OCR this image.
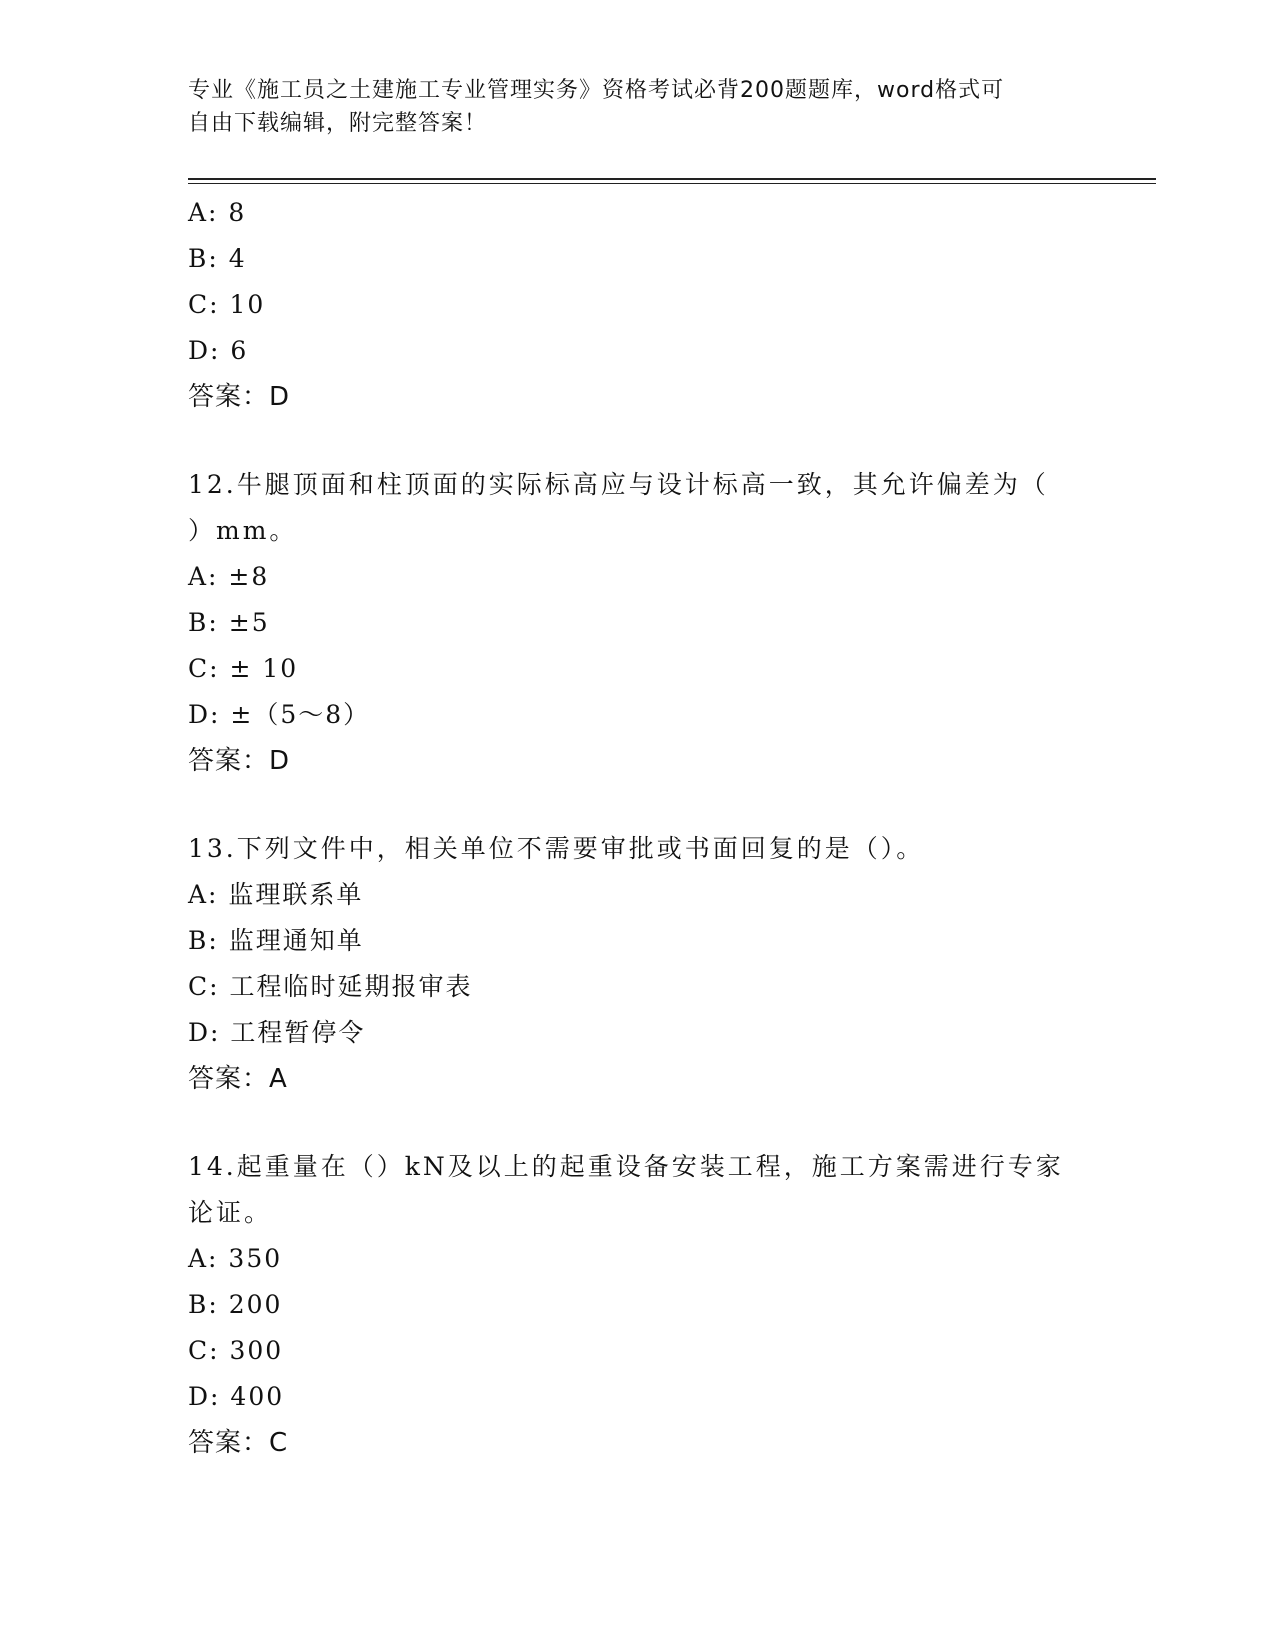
专业《施工员之土建施工专业管理实务》资格考试必背200题题库，word格式可
自由下载编辑，附完整答案！
A: 8
B: 4
C: 10
D: 6
答案：D
12.牛腿顶面和柱顶面的实际标高应与设计标高一致，其允许偏差为（
）mm。
A: ±8
B: ±5
C: ± 10
D: ±（5～8）
答案：D
13.下列文件中，相关单位不需要审批或书面回复的是（）。
A: 监理联系单
B: 监理通知单
C: 工程临时延期报审表
D: 工程暂停令
答案：A
14.起重量在（）kN及以上的起重设备安装工程，施工方案需进行专家
论证。
A: 350
B: 200
C: 300
D: 400
答案：C
